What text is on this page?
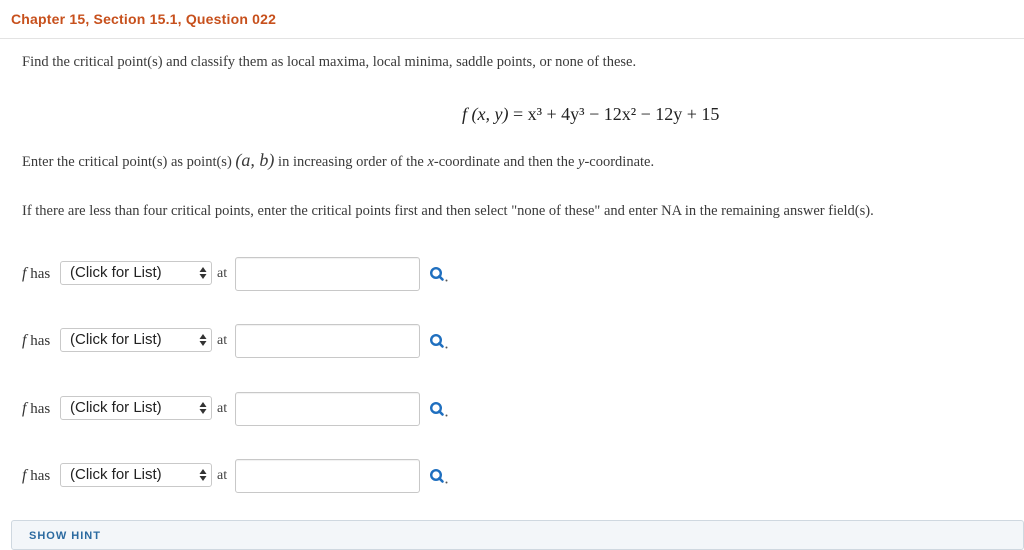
Chapter 15, Section 15.1, Question 022
Find the critical point(s) and classify them as local maxima, local minima, saddle points, or none of these.
f (x, y) = x³ + 4y³ − 12x² − 12y + 15
Enter the critical point(s) as point(s) (a, b) in increasing order of the x-coordinate and then the y-coordinate.
If there are less than four critical points, enter the critical points first and then select "none of these" and enter NA in the remaining answer field(s).
f has	(Click for List)	at
f has	(Click for List)	at
f has	(Click for List)	at
f has	(Click for List)	at
SHOW HINT
